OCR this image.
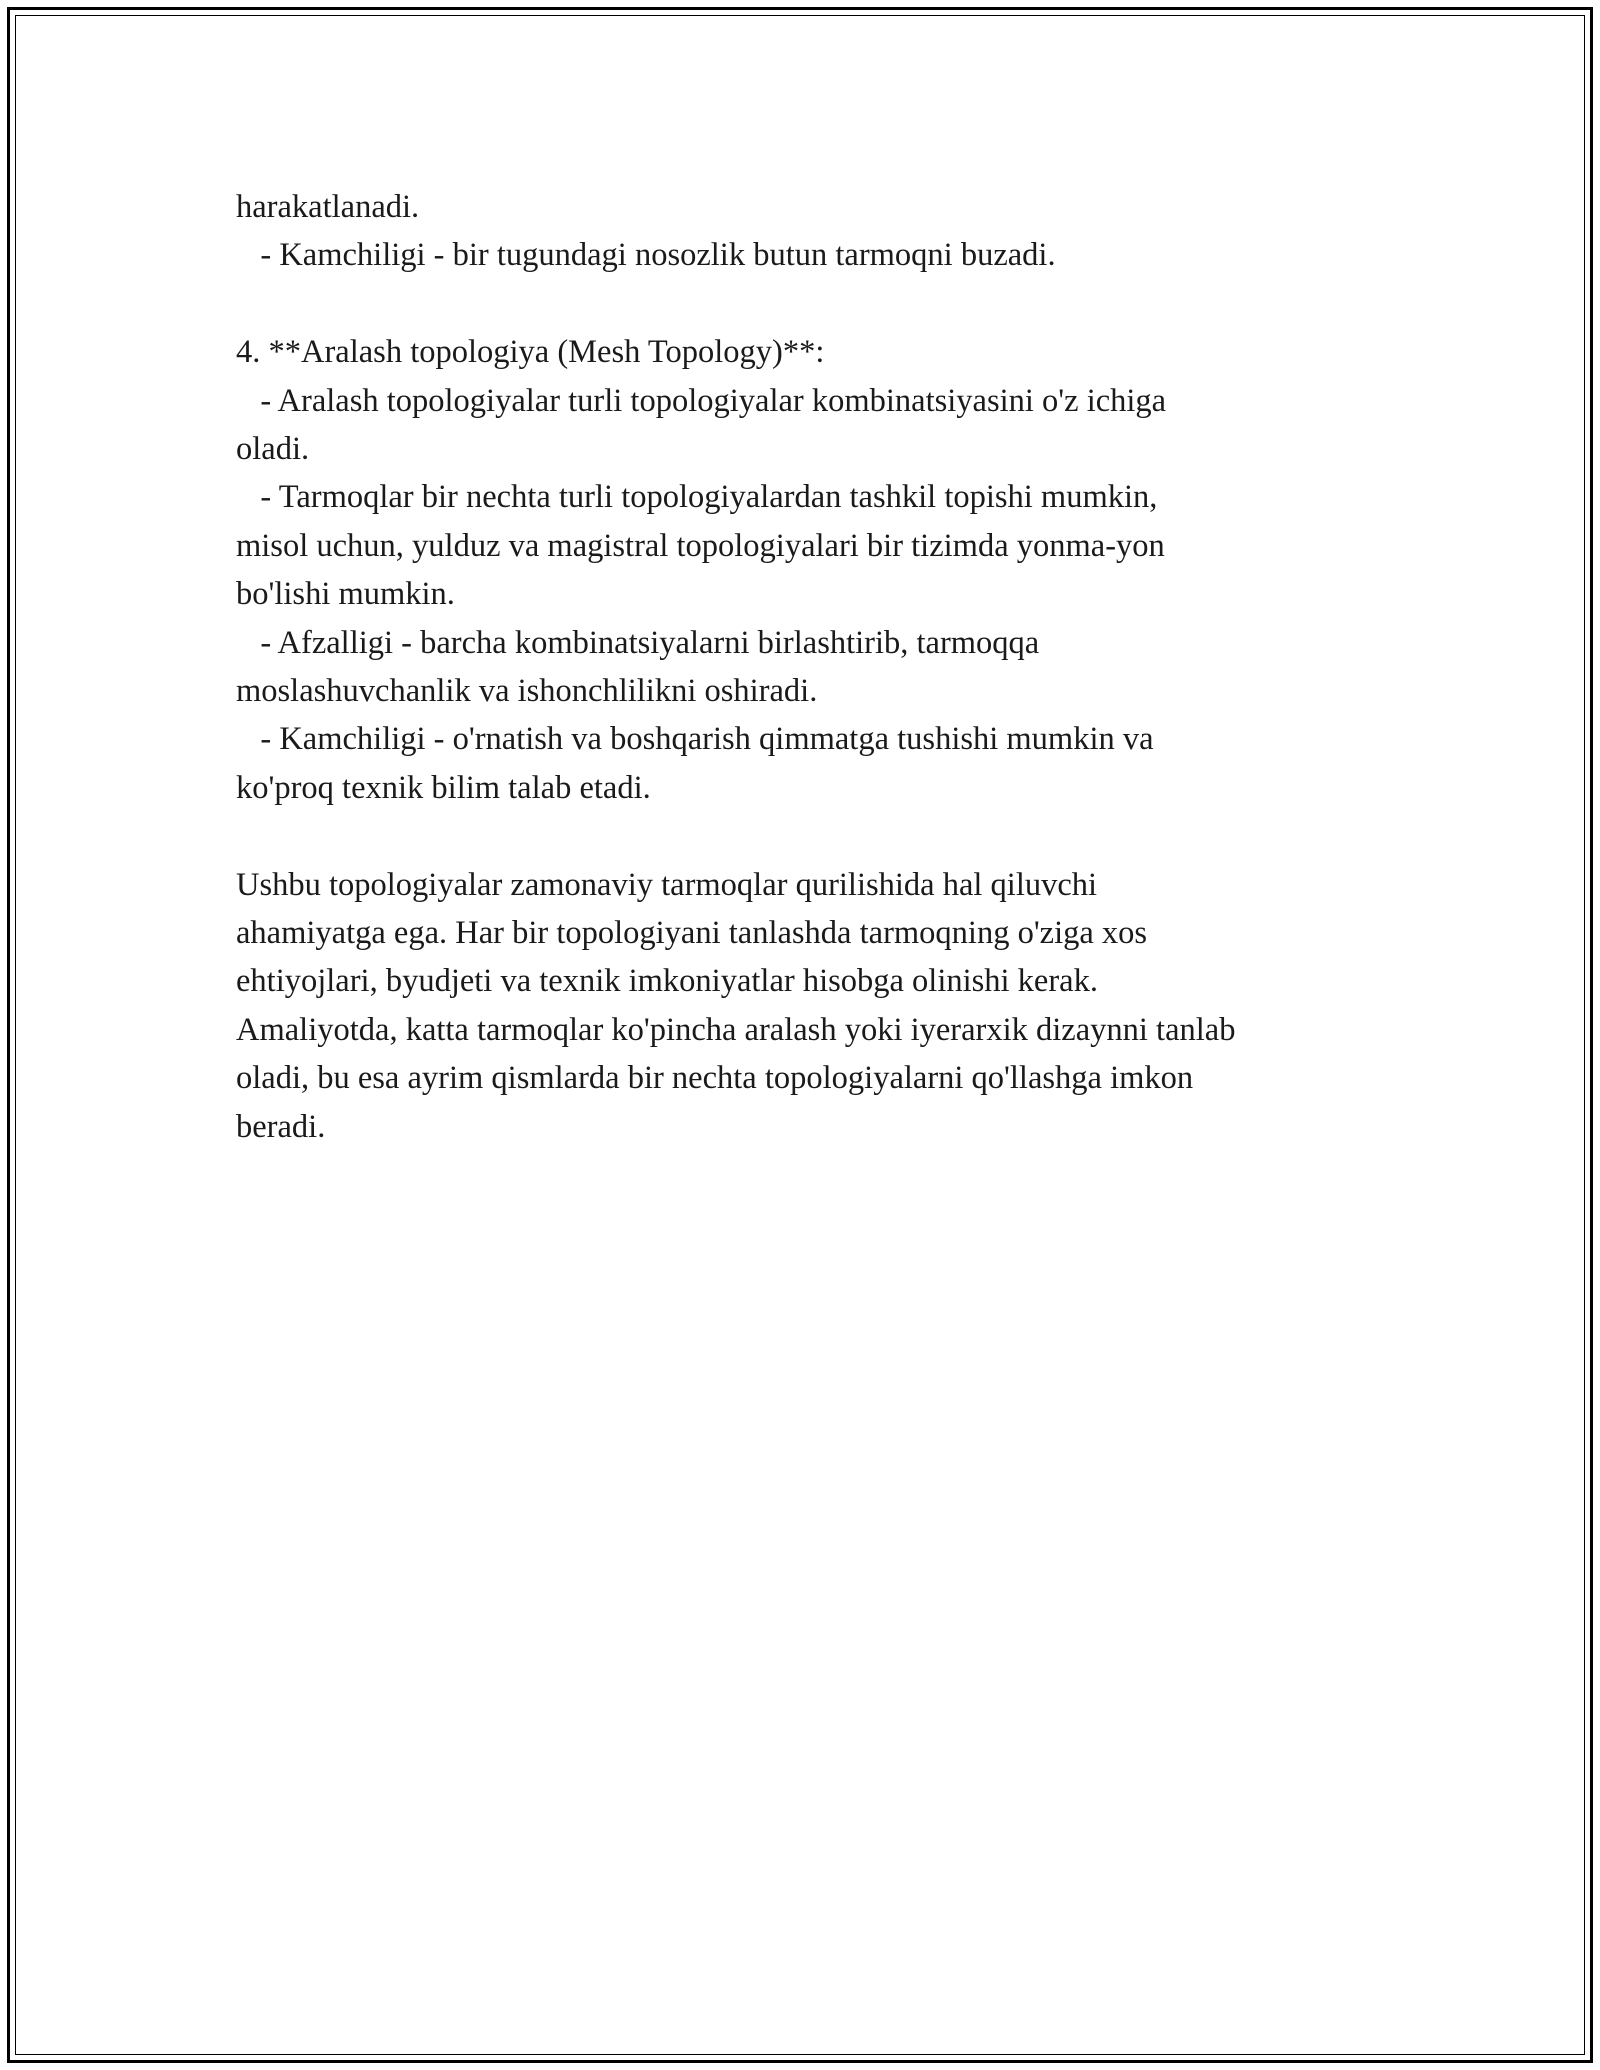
harakatlanadi.
- Kamchiligi - bir tugundagi nosozlik butun tarmoqni buzadi.
4. **Aralash topologiya (Mesh Topology)**:
- Aralash topologiyalar turli topologiyalar kombinatsiyasini o'z ichiga
oladi.
- Tarmoqlar bir nechta turli topologiyalardan tashkil topishi mumkin,
misol uchun, yulduz va magistral topologiyalari bir tizimda yonma-yon
bo'lishi mumkin.
- Afzalligi - barcha kombinatsiyalarni birlashtirib, tarmoqqa
moslashuvchanlik va ishonchlilikni oshiradi.
- Kamchiligi - o'rnatish va boshqarish qimmatga tushishi mumkin va
ko'proq texnik bilim talab etadi.
Ushbu topologiyalar zamonaviy tarmoqlar qurilishida hal qiluvchi
ahamiyatga ega. Har bir topologiyani tanlashda tarmoqning o'ziga xos
ehtiyojlari, byudjeti va texnik imkoniyatlar hisobga olinishi kerak.
Amaliyotda, katta tarmoqlar ko'pincha aralash yoki iyerarxik dizaynni tanlab
oladi, bu esa ayrim qismlarda bir nechta topologiyalarni qo'llashga imkon
beradi.
